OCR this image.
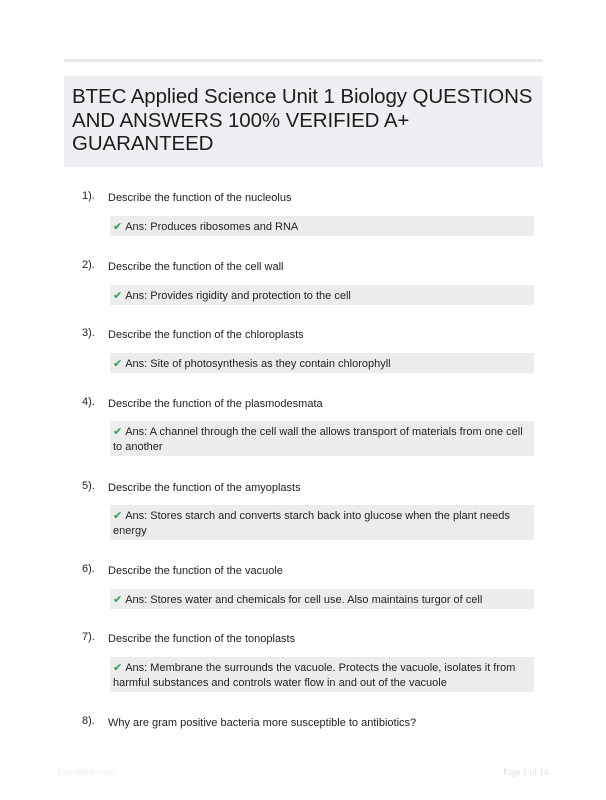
BTEC Applied Science Unit 1 Biology QUESTIONS AND ANSWERS 100% VERIFIED A+ GUARANTEED
1). Describe the function of the nucleolus
✔ Ans: Produces ribosomes and RNA
2). Describe the function of the cell wall
✔ Ans: Provides rigidity and protection to the cell
3). Describe the function of the chloroplasts
✔ Ans: Site of photosynthesis as they contain chlorophyll
4). Describe the function of the plasmodesmata
✔ Ans: A channel through the cell wall the allows transport of materials from one cell to another
5). Describe the function of the amyoplasts
✔ Ans: Stores starch and converts starch back into glucose when the plant needs energy
6). Describe the function of the vacuole
✔ Ans: Stores water and chemicals for cell use. Also maintains turgor of cell
7). Describe the function of the tonoplasts
✔ Ans: Membrane the surrounds the vacuole. Protects the vacuole, isolates it from harmful substances and controls water flow in and out of the vacuole
8). Why are gram positive bacteria more susceptible to antibiotics?
PaperBible.com	Page 1 of 14
